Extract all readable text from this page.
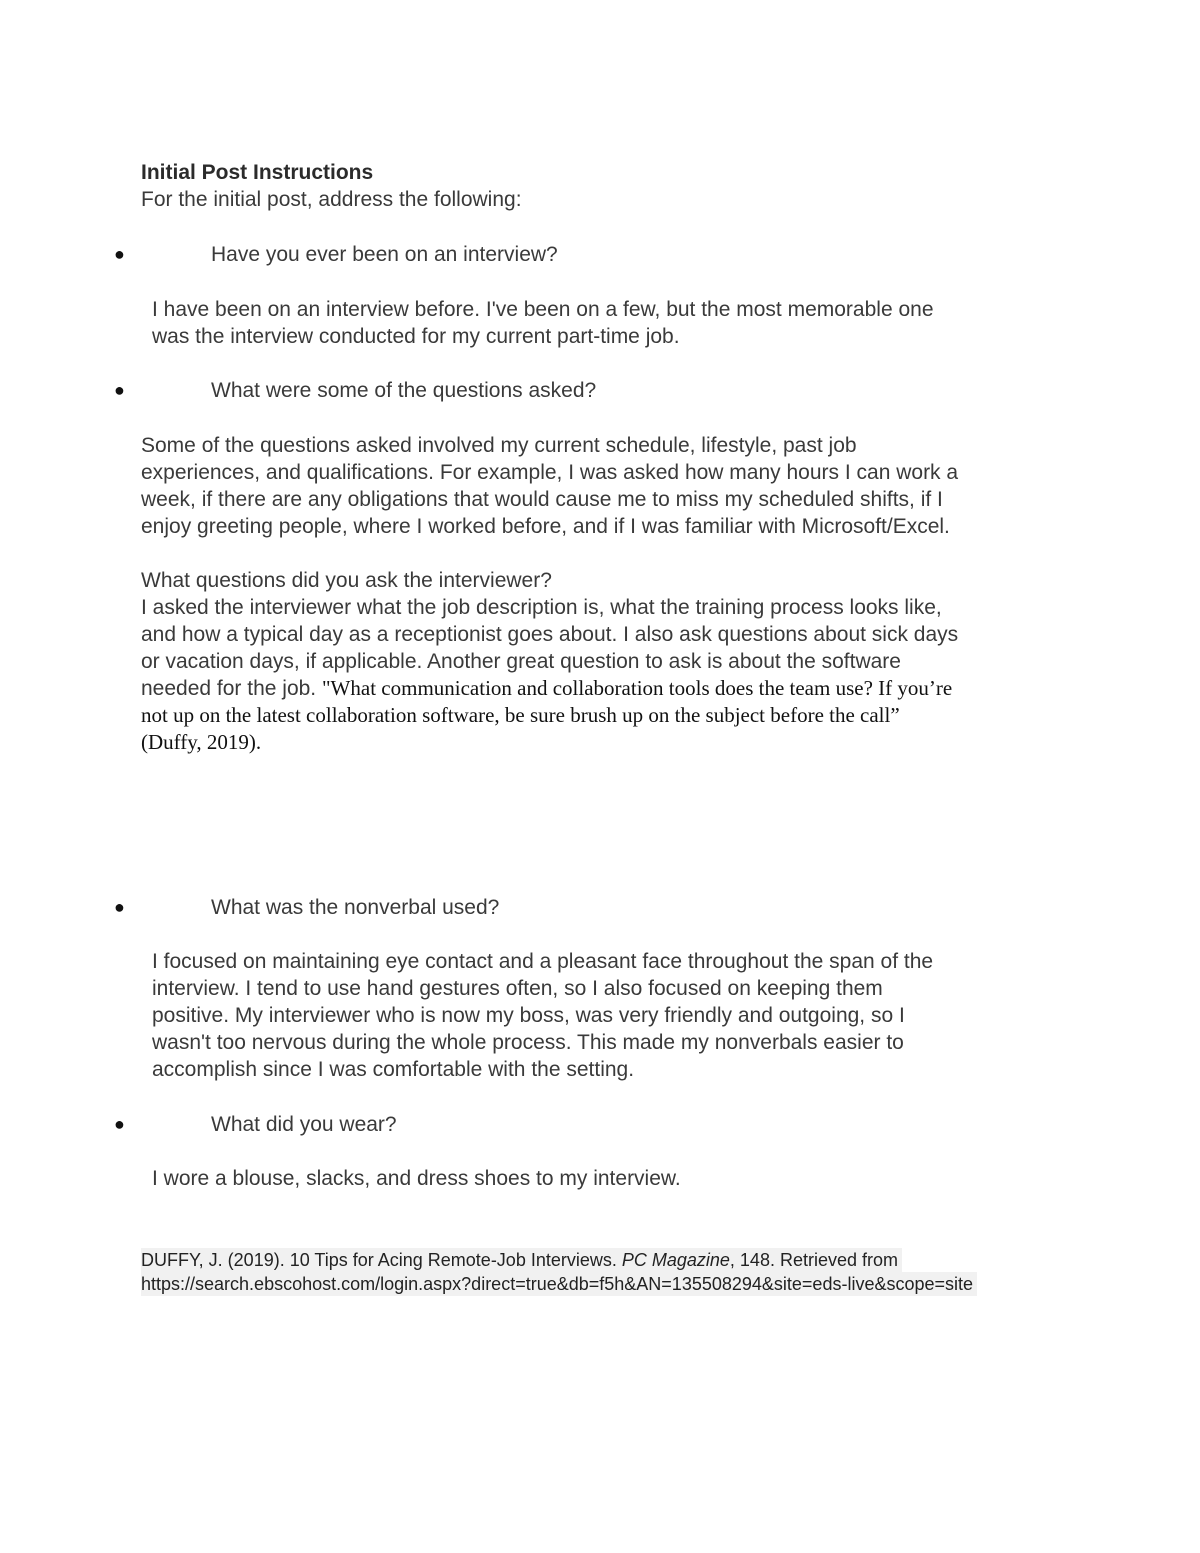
Initial Post Instructions
For the initial post, address the following:
●	Have you ever been on an interview?
I have been on an interview before. I've been on a few, but the most memorable one
was the interview conducted for my current part-time job.
●	What were some of the questions asked?
Some of the questions asked involved my current schedule, lifestyle, past job
experiences, and qualifications. For example, I was asked how many hours I can work a
week, if there are any obligations that would cause me to miss my scheduled shifts, if I
enjoy greeting people, where I worked before, and if I was familiar with Microsoft/Excel.
What questions did you ask the interviewer?
I asked the interviewer what the job description is, what the training process looks like,
and how a typical day as a receptionist goes about. I also ask questions about sick days
or vacation days, if applicable. Another great question to ask is about the software
needed for the job. "What communication and collaboration tools does the team use? If you’re
not up on the latest collaboration software, be sure brush up on the subject before the call”
(Duffy, 2019).
●	What was the nonverbal used?
I focused on maintaining eye contact and a pleasant face throughout the span of the
interview. I tend to use hand gestures often, so I also focused on keeping them
positive. My interviewer who is now my boss, was very friendly and outgoing, so I
wasn't too nervous during the whole process. This made my nonverbals easier to
accomplish since I was comfortable with the setting.
●	What did you wear?
I wore a blouse, slacks, and dress shoes to my interview.
DUFFY, J. (2019). 10 Tips for Acing Remote-Job Interviews. PC Magazine, 148. Retrieved from
https://search.ebscohost.com/login.aspx?direct=true&db=f5h&AN=135508294&site=eds-live&scope=site
